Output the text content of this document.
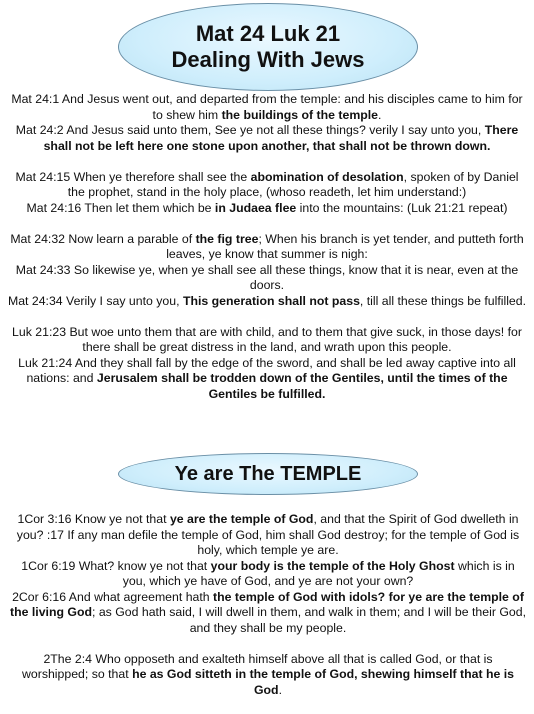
Mat 24 Luk 21
Dealing With Jews

Mat 24:1 And Jesus went out, and departed from the temple: and his disciples came to him for to shew him the buildings of the temple.

Mat 24:2 And Jesus said unto them, See ye not all these things? verily I say unto you, There shall not be left here one stone upon another, that shall not be thrown down.

Mat 24:15 When ye therefore shall see the abomination of desolation, spoken of by Daniel the prophet, stand in the holy place, (whoso readeth, let him understand:)

Mat 24:16 Then let them which be in Judaea flee into the mountains: (Luk 21:21 repeat)

Mat 24:32 Now learn a parable of the fig tree; When his branch is yet tender, and putteth forth leaves, ye know that summer is nigh:

Mat 24:33 So likewise ye, when ye shall see all these things, know that it is near, even at the doors.

Mat 24:34 Verily I say unto you, This generation shall not pass, till all these things be fulfilled.

Luk 21:23 But woe unto them that are with child, and to them that give suck, in those days! for there shall be great distress in the land, and wrath upon this people.

Luk 21:24 And they shall fall by the edge of the sword, and shall be led away captive into all nations: and Jerusalem shall be trodden down of the Gentiles, until the times of the Gentiles be fulfilled.

Ye are The TEMPLE

1Cor 3:16 Know ye not that ye are the temple of God, and that the Spirit of God dwelleth in you? :17 If any man defile the temple of God, him shall God destroy; for the temple of God is holy, which temple ye are.

1Cor 6:19 What? know ye not that your body is the temple of the Holy Ghost which is in you, which ye have of God, and ye are not your own?

2Cor 6:16 And what agreement hath the temple of God with idols? for ye are the temple of the living God; as God hath said, I will dwell in them, and walk in them; and I will be their God, and they shall be my people.

2The 2:4 Who opposeth and exalteth himself above all that is called God, or that is worshipped; so that he as God sitteth in the temple of God, shewing himself that he is God.
